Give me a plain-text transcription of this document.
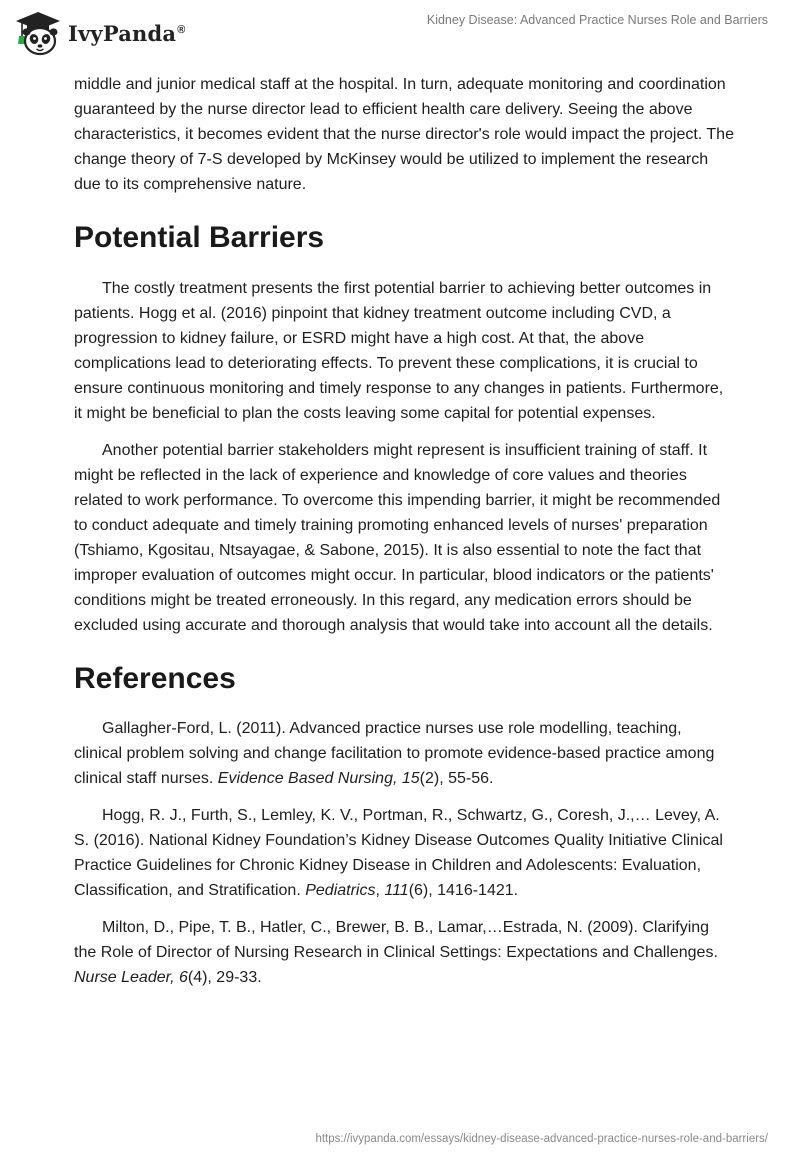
IvyPanda®
Kidney Disease: Advanced Practice Nurses Role and Barriers

middle and junior medical staff at the hospital. In turn, adequate monitoring and coordination guaranteed by the nurse director lead to efficient health care delivery. Seeing the above characteristics, it becomes evident that the nurse director's role would impact the project. The change theory of 7-S developed by McKinsey would be utilized to implement the research due to its comprehensive nature.

Potential Barriers

The costly treatment presents the first potential barrier to achieving better outcomes in patients. Hogg et al. (2016) pinpoint that kidney treatment outcome including CVD, a progression to kidney failure, or ESRD might have a high cost. At that, the above complications lead to deteriorating effects. To prevent these complications, it is crucial to ensure continuous monitoring and timely response to any changes in patients. Furthermore, it might be beneficial to plan the costs leaving some capital for potential expenses.

Another potential barrier stakeholders might represent is insufficient training of staff. It might be reflected in the lack of experience and knowledge of core values and theories related to work performance. To overcome this impending barrier, it might be recommended to conduct adequate and timely training promoting enhanced levels of nurses' preparation (Tshiamo, Kgositau, Ntsayagae, & Sabone, 2015). It is also essential to note the fact that improper evaluation of outcomes might occur. In particular, blood indicators or the patients' conditions might be treated erroneously. In this regard, any medication errors should be excluded using accurate and thorough analysis that would take into account all the details.

References

Gallagher-Ford, L. (2011). Advanced practice nurses use role modelling, teaching, clinical problem solving and change facilitation to promote evidence-based practice among clinical staff nurses. Evidence Based Nursing, 15(2), 55-56.

Hogg, R. J., Furth, S., Lemley, K. V., Portman, R., Schwartz, G., Coresh, J.,… Levey, A. S. (2016). National Kidney Foundation’s Kidney Disease Outcomes Quality Initiative Clinical Practice Guidelines for Chronic Kidney Disease in Children and Adolescents: Evaluation, Classification, and Stratification. Pediatrics, 111(6), 1416-1421.

Milton, D., Pipe, T. B., Hatler, C., Brewer, B. B., Lamar,…Estrada, N. (2009). Clarifying the Role of Director of Nursing Research in Clinical Settings: Expectations and Challenges. Nurse Leader, 6(4), 29-33.

https://ivypanda.com/essays/kidney-disease-advanced-practice-nurses-role-and-barriers/
